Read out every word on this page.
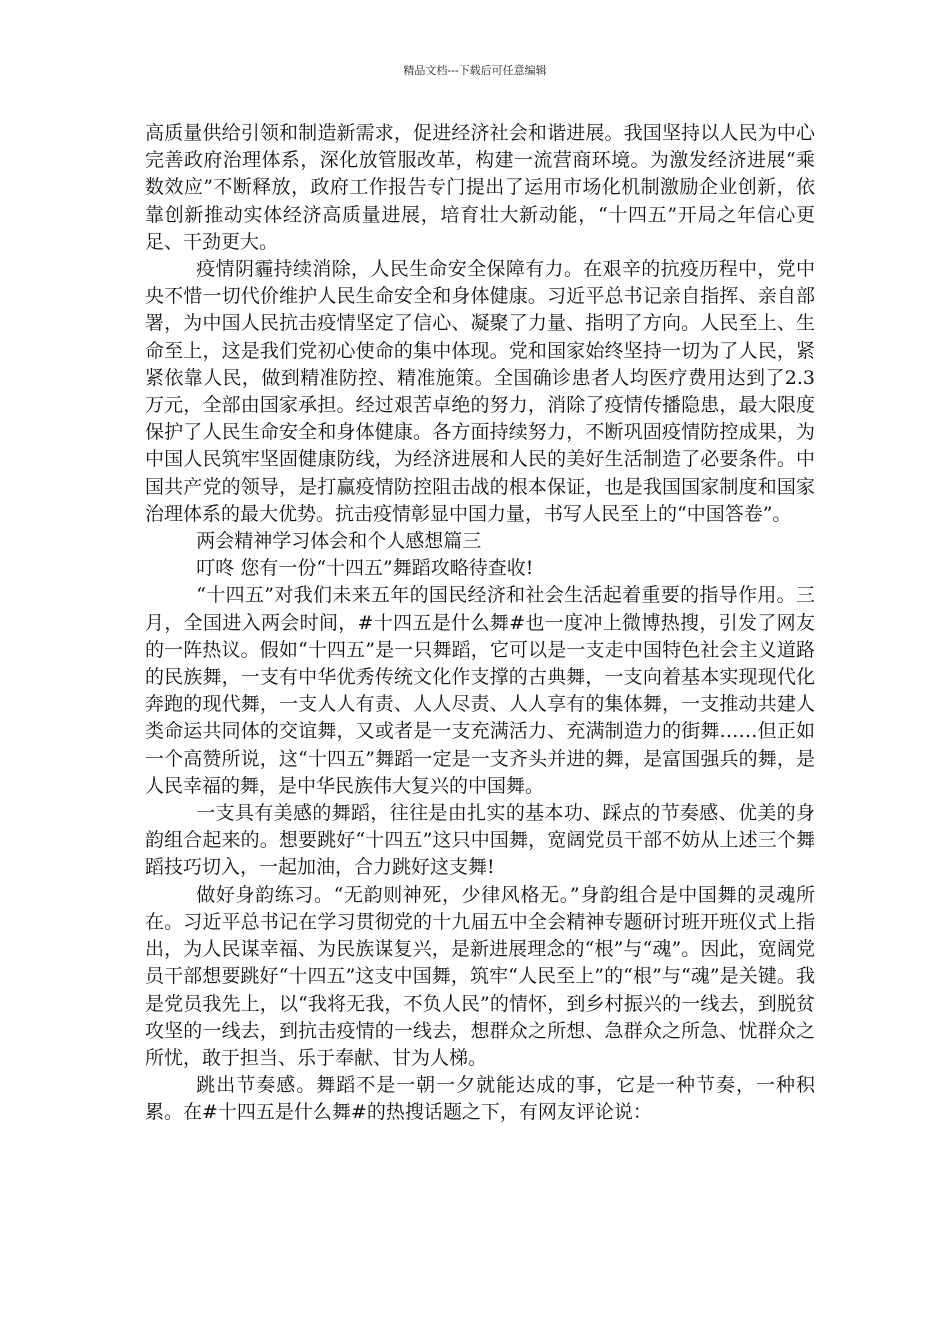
精品文档---下载后可任意编辑

高质量供给引领和制造新需求，促进经济社会和谐进展。我国坚持以人民为中心完善政府治理体系，深化放管服改革，构建一流营商环境。为激发经济进展“乘数效应”不断释放，政府工作报告专门提出了运用市场化机制激励企业创新，依靠创新推动实体经济高质量进展，培育壮大新动能，“十四五”开局之年信心更足、干劲更大。

疫情阴霾持续消除，人民生命安全保障有力。在艰辛的抗疫历程中，党中央不惜一切代价维护人民生命安全和身体健康。习近平总书记亲自指挥、亲自部署，为中国人民抗击疫情坚定了信心、凝聚了力量、指明了方向。人民至上、生命至上，这是我们党初心使命的集中体现。党和国家始终坚持一切为了人民，紧紧依靠人民，做到精准防控、精准施策。全国确诊患者人均医疗费用达到了2.3万元，全部由国家承担。经过艰苦卓绝的努力，消除了疫情传播隐患，最大限度保护了人民生命安全和身体健康。各方面持续努力，不断巩固疫情防控成果，为中国人民筑牢坚固健康防线，为经济进展和人民的美好生活制造了必要条件。中国共产党的领导，是打赢疫情防控阻击战的根本保证，也是我国国家制度和国家治理体系的最大优势。抗击疫情彰显中国力量，书写人民至上的“中国答卷”。

两会精神学习体会和个人感想篇三

叮咚 您有一份“十四五”舞蹈攻略待查收!

“十四五”对我们未来五年的国民经济和社会生活起着重要的指导作用。三月，全国进入两会时间，#十四五是什么舞#也一度冲上微博热搜，引发了网友的一阵热议。假如“十四五”是一只舞蹈，它可以是一支走中国特色社会主义道路的民族舞，一支有中华优秀传统文化作支撑的古典舞，一支向着基本实现现代化奔跑的现代舞，一支人人有责、人人尽责、人人享有的集体舞，一支推动共建人类命运共同体的交谊舞，又或者是一支充满活力、充满制造力的街舞……但正如一个高赞所说，这“十四五”舞蹈一定是一支齐头并进的舞，是富国强兵的舞，是人民幸福的舞，是中华民族伟大复兴的中国舞。

一支具有美感的舞蹈，往往是由扎实的基本功、踩点的节奏感、优美的身韵组合起来的。想要跳好“十四五”这只中国舞，宽阔党员干部不妨从上述三个舞蹈技巧切入，一起加油，合力跳好这支舞!

做好身韵练习。“无韵则神死，少律风格无。”身韵组合是中国舞的灵魂所在。习近平总书记在学习贯彻党的十九届五中全会精神专题研讨班开班仪式上指出，为人民谋幸福、为民族谋复兴，是新进展理念的“根”与“魂”。因此，宽阔党员干部想要跳好“十四五”这支中国舞，筑牢“人民至上”的“根”与“魂”是关键。我是党员我先上，以“我将无我，不负人民”的情怀，到乡村振兴的一线去，到脱贫攻坚的一线去，到抗击疫情的一线去，想群众之所想、急群众之所急、忧群众之所忧，敢于担当、乐于奉献、甘为人梯。

跳出节奏感。舞蹈不是一朝一夕就能达成的事，它是一种节奏，一种积累。在#十四五是什么舞#的热搜话题之下，有网友评论说：
